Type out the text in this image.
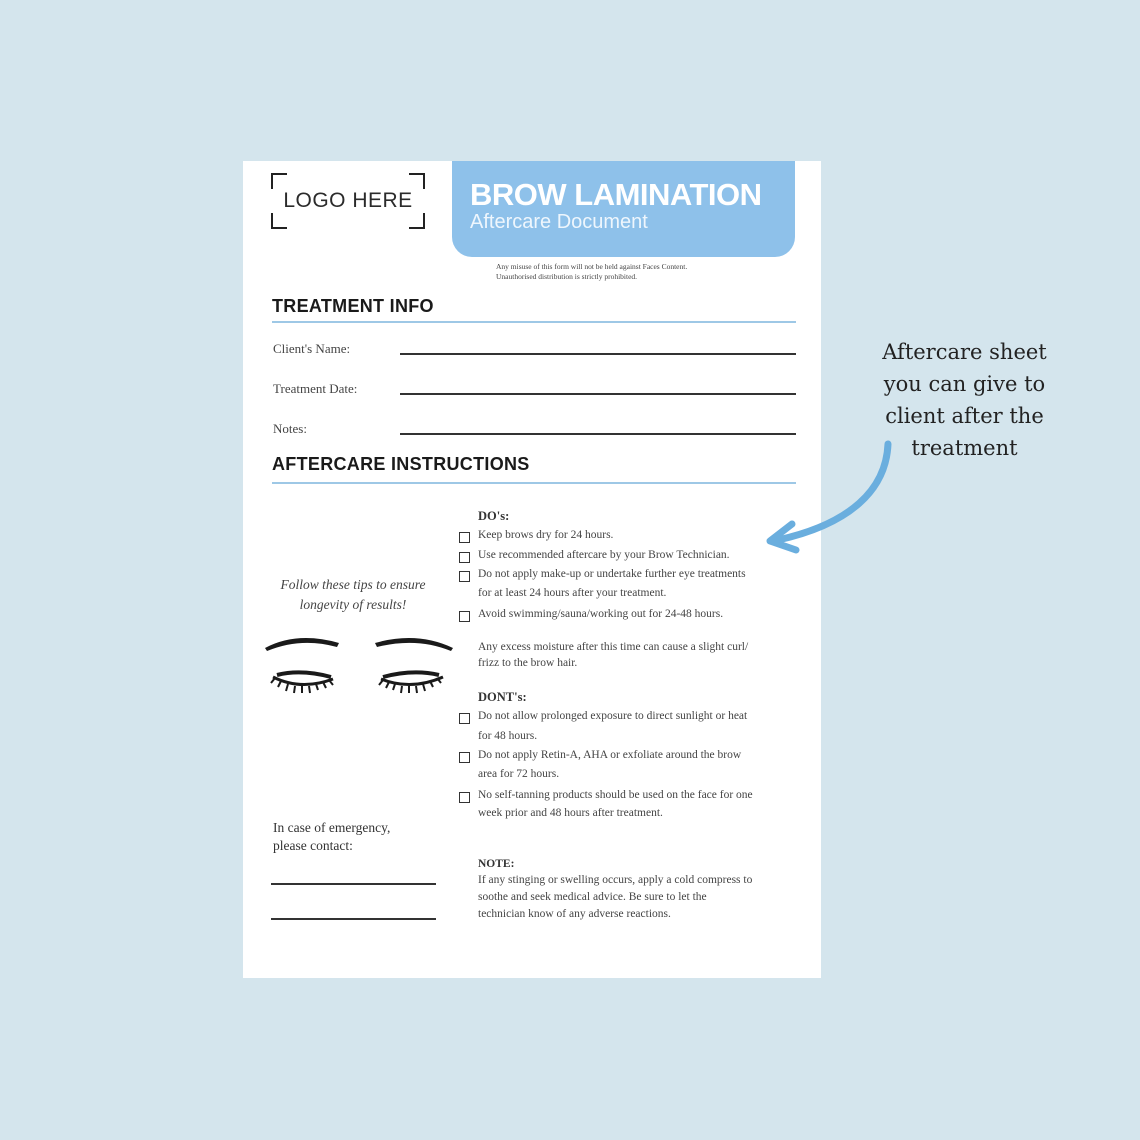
LOGO HERE	BROW LAMINATION
Aftercare Document
Any misuse of this form will not be held against Faces Content.
Unauthorised distribution is strictly prohibited.
TREATMENT INFO
Client's Name:
Treatment Date:
Notes:
AFTERCARE INSTRUCTIONS
Follow these tips to ensure
longevity of results!
In case of emergency,
please contact:
DO's:
Keep brows dry for 24 hours.
Use recommended aftercare by your Brow Technician.
Do not apply make-up or undertake further eye treatments
for at least 24 hours after your treatment.
Avoid swimming/sauna/working out for 24-48 hours.
Any excess moisture after this time can cause a slight curl/
frizz to the brow hair.
DONT's:
Do not allow prolonged exposure to direct sunlight or heat
for 48 hours.
Do not apply Retin-A, AHA or exfoliate around the brow
area for 72 hours.
No self-tanning products should be used on the face for one
week prior and 48 hours after treatment.
NOTE:
If any stinging or swelling occurs, apply a cold compress to
soothe and seek medical advice. Be sure to let the
technician know of any adverse reactions.
Aftercare sheet
you can give to
client after the
treatment
